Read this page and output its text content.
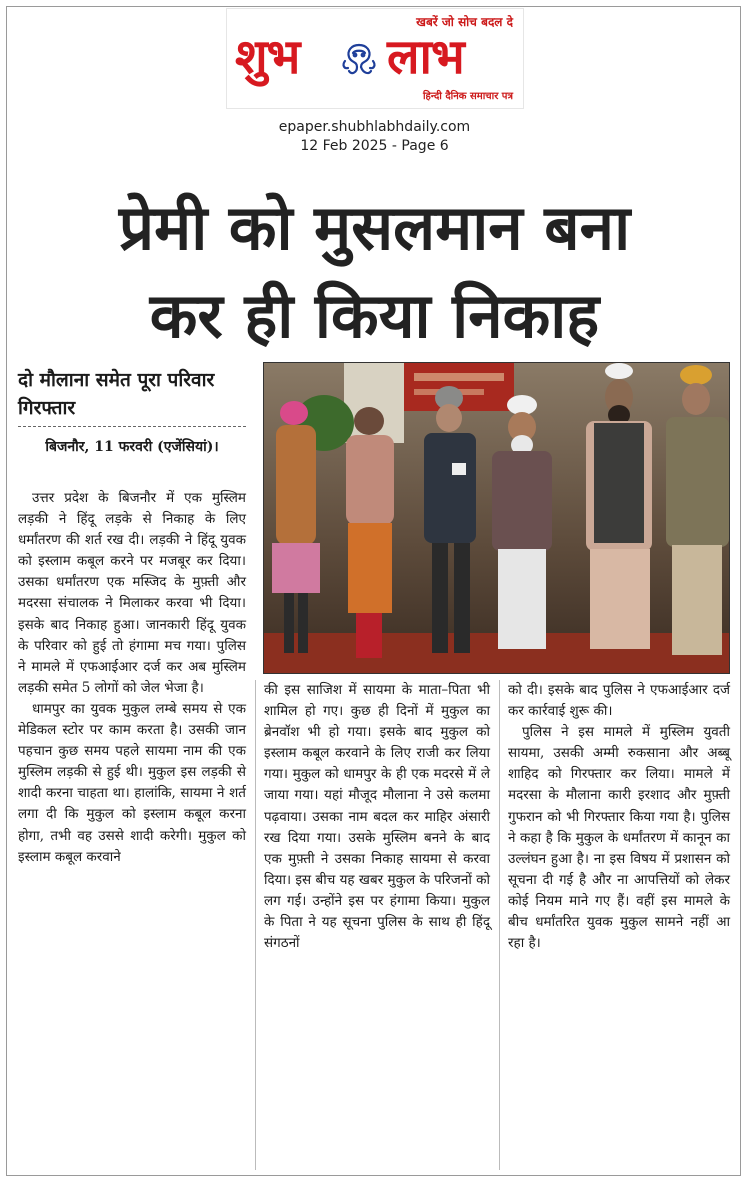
खबरें जो सोच बदल दे
शुभ लाभ
हिन्दी दैनिक समाचार पत्र
epaper.shubhlabhdaily.com
12 Feb 2025 - Page 6
प्रेमी को मुसलमान बना
कर ही किया निकाह
दो मौलाना समेत पूरा परिवार गिरफ्तार
बिजनौर, 11 फरवरी (एजेंसियां)।

उत्तर प्रदेश के बिजनौर में एक मुस्लिम लड़की ने हिंदू लड़के से निकाह के लिए धर्मांतरण की शर्त रख दी। लड़की ने हिंदू युवक को इस्लाम कबूल करने पर मजबूर कर दिया। उसका धर्मांतरण एक मस्जिद के मुफ़्ती और मदरसा संचालक ने मिलाकर करवा भी दिया। इसके बाद निकाह हुआ। जानकारी हिंदू युवक के परिवार को हुई तो हंगामा मच गया। पुलिस ने मामले में एफआईआर दर्ज कर अब मुस्लिम लड़की समेत 5 लोगों को जेल भेजा है।

धामपुर का युवक मुकुल लम्बे समय से एक मेडिकल स्टोर पर काम करता है। उसकी जान पहचान कुछ समय पहले सायमा नाम की एक मुस्लिम लड़की से हुई थी। मुकुल इस लड़की से शादी करना चाहता था। हालांकि, सायमा ने शर्त लगा दी कि मुकुल को इस्लाम कबूल करना होगा, तभी वह उससे शादी करेगी। मुकुल को इस्लाम कबूल करवाने

की इस साजिश में सायमा के माता–पिता भी शामिल हो गए। कुछ ही दिनों में मुकुल का ब्रेनवॉश भी हो गया। इसके बाद मुकुल को इस्लाम कबूल करवाने के लिए राजी कर लिया गया। मुकुल को धामपुर के ही एक मदरसे में ले जाया गया। यहां मौजूद मौलाना ने उसे कलमा पढ़वाया। उसका नाम बदल कर माहिर अंसारी रख दिया गया। उसके मुस्लिम बनने के बाद एक मुफ़्ती ने उसका निकाह सायमा से करवा दिया। इस बीच यह खबर मुकुल के परिजनों को लग गई। उन्होंने इस पर हंगामा किया। मुकुल के पिता ने यह सूचना पुलिस के साथ ही हिंदू संगठनों

को दी। इसके बाद पुलिस ने एफआईआर दर्ज कर कार्रवाई शुरू की।

पुलिस ने इस मामले में मुस्लिम युवती सायमा, उसकी अम्मी रुकसाना और अब्बू शाहिद को गिरफ्तार कर लिया। मामले में मदरसा के मौलाना कारी इरशाद और मुफ़्ती गुफरान को भी गिरफ्तार किया गया है। पुलिस ने कहा है कि मुकुल के धर्मांतरण में कानून का उल्लंघन हुआ है। ना इस विषय में प्रशासन को सूचना दी गई है और ना आपत्तियों को लेकर कोई नियम माने गए हैं। वहीं इस मामले के बीच धर्मांतरित युवक मुकुल सामने नहीं आ रहा है।
